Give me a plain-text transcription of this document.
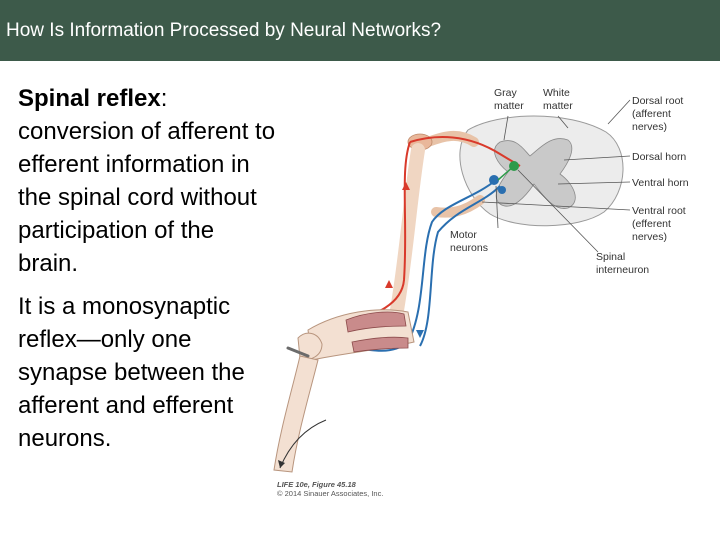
How Is Information Processed by Neural Networks?

Spinal reflex: conversion of afferent to efferent information in the spinal cord without participation of the brain.

It is a monosynaptic reflex—only one synapse between the afferent and efferent neurons.

Gray
matter
White
matter	Dorsal root
(afferent
nerves)
Dorsal horn
Ventral horn
Ventral root
(efferent
nerves)
Motor
neurons
Spinal
interneuron
LIFE 10e, Figure 45.18
© 2014 Sinauer Associates, Inc.
